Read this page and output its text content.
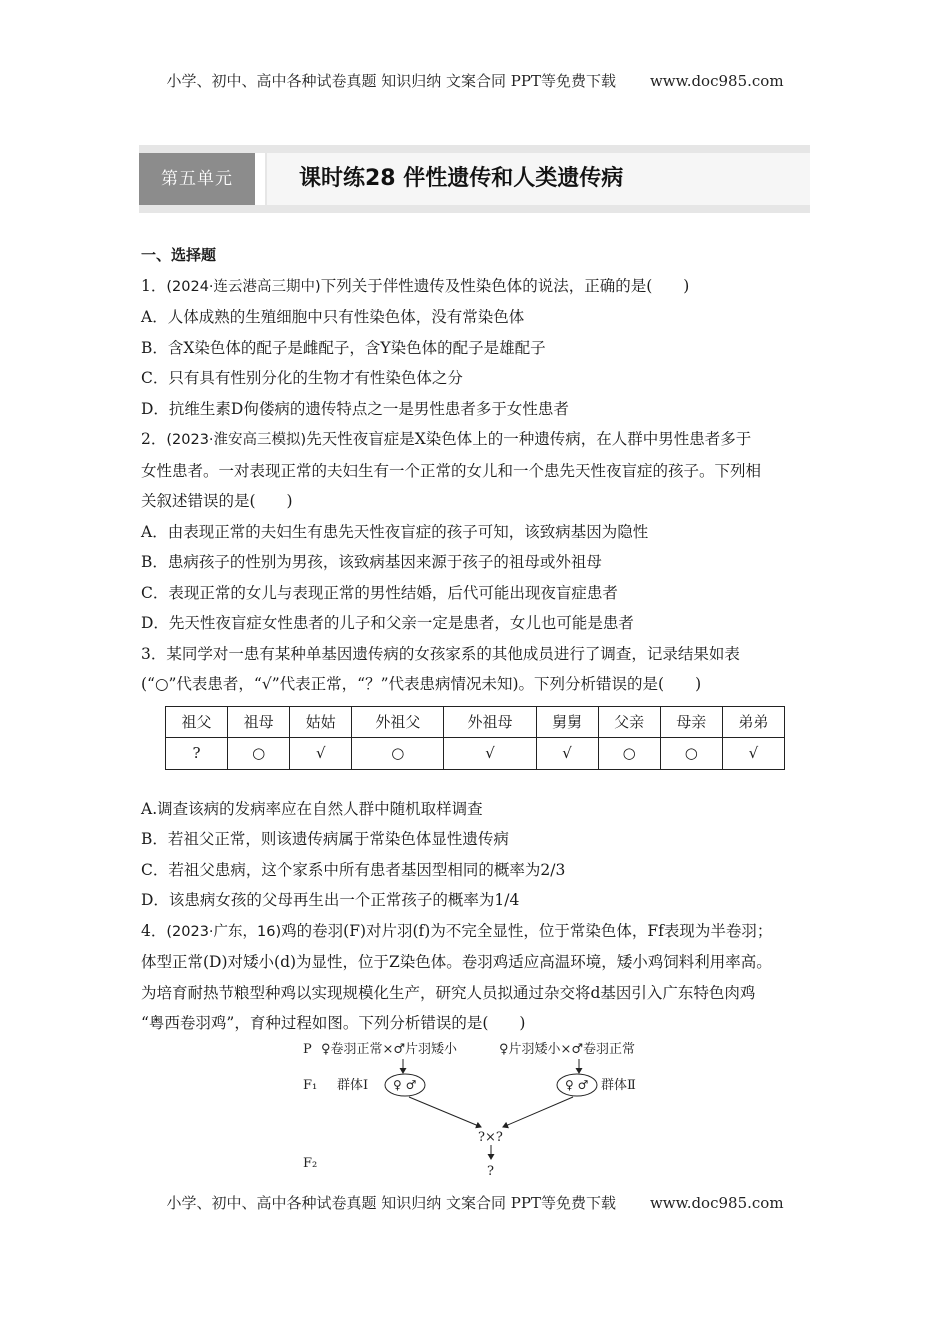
小学、初中、高中各种试卷真题 知识归纳 文案合同 PPT等免费下载 www.doc985.com
第五单元	课时练28 伴性遗传和人类遗传病

一、选择题

1．(2024·连云港高三期中)下列关于伴性遗传及性染色体的说法，正确的是(　　)

A．人体成熟的生殖细胞中只有性染色体，没有常染色体

B．含X染色体的配子是雌配子，含Y染色体的配子是雄配子

C．只有具有性别分化的生物才有性染色体之分

D．抗维生素D佝偻病的遗传特点之一是男性患者多于女性患者

2．(2023·淮安高三模拟)先天性夜盲症是X染色体上的一种遗传病，在人群中男性患者多于

女性患者。一对表现正常的夫妇生有一个正常的女儿和一个患先天性夜盲症的孩子。下列相

关叙述错误的是(　　)

A．由表现正常的夫妇生有患先天性夜盲症的孩子可知，该致病基因为隐性

B．患病孩子的性别为男孩，该致病基因来源于孩子的祖母或外祖母

C．表现正常的女儿与表现正常的男性结婚，后代可能出现夜盲症患者

D．先天性夜盲症女性患者的儿子和父亲一定是患者，女儿也可能是患者

3．某同学对一患有某种单基因遗传病的女孩家系的其他成员进行了调查，记录结果如表

(“○”代表患者，“√”代表正常，“？”代表患病情况未知)。下列分析错误的是(　　)

祖父	祖母	姑姑	外祖父	外祖母	舅舅	父亲	母亲	弟弟
?	○	√	○	√	√	○	○	√

A.调查该病的发病率应在自然人群中随机取样调查

B．若祖父正常，则该遗传病属于常染色体显性遗传病

C．若祖父患病，这个家系中所有患者基因型相同的概率为2/3

D．该患病女孩的父母再生出一个正常孩子的概率为1/4

4．(2023·广东，16)鸡的卷羽(F)对片羽(f)为不完全显性，位于常染色体，Ff表现为半卷羽；

体型正常(D)对矮小(d)为显性，位于Z染色体。卷羽鸡适应高温环境，矮小鸡饲料利用率高。

为培育耐热节粮型种鸡以实现规模化生产，研究人员拟通过杂交将d基因引入广东特色肉鸡

“粤西卷羽鸡”，育种过程如图。下列分析错误的是(　　)

P ♀卷羽正常×♂片羽矮小	♀片羽矮小×♂卷羽正常
F₁ 群体Ⅰ ♀ ♂	♀ ♂ 群体Ⅱ
?×?
F₂
?
小学、初中、高中各种试卷真题 知识归纳 文案合同 PPT等免费下载 www.doc985.com
